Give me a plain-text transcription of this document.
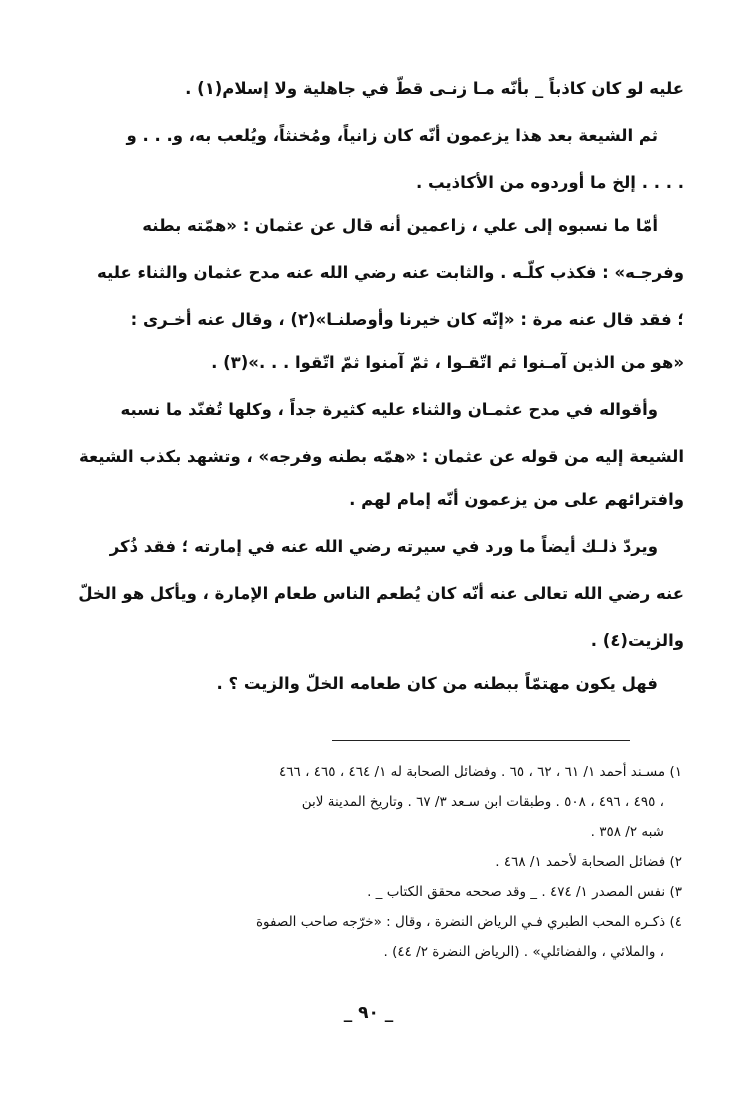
عليه لو كان كاذباً _ بأنّه مـا زنـى قطّ في جاهلية ولا إسلام(١) .
ثم الشيعة بعد هذا يزعمون أنّه كان زانياً، ومُخنثاً، ويُلعب به، و. . . و
. . . . إلخ ما أوردوه من الأكاذيب .
أمّا ما نسبوه إلى علي ، زاعمين أنه قال عن عثمان : «همّته بطنه
وفرجـه» : فكذب كلّـه . والثابت عنه رضي الله عنه مدح عثمان والثناء عليه
؛ فقد قال عنه مرة : «إنّه كان خيرنا وأوصلنـا»(٢) ، وقال عنه أخـرى :
«هو من الذين آمـنوا ثم اتّقـوا ، ثمّ آمنوا ثمّ اتّقوا . . .»(٣) .
وأقواله في مدح عثمـان والثناء عليه كثيرة جداً ، وكلها تُفنّد ما نسبه
الشيعة إليه من قوله عن عثمان : «همّه بطنه وفرجه» ، وتشهد بكذب الشيعة
وافترائهم على من يزعمون أنّه إمام لهم .
ويردّ ذلـك أيضاً ما ورد في سيرته رضي الله عنه في إمارته ؛ فقد ذُكر
عنه رضي الله تعالى عنه أنّه كان يُطعم الناس طعام الإمارة ، ويأكل هو الخلّ
والزيت(٤) .
فهل يكون مهتمّاً ببطنه من كان طعامه الخلّ والزيت ؟ .
١) مسـند أحمد ١/ ٦١ ، ٦٢ ، ٦٥ . وفضائل الصحابة له ١/ ٤٦٤ ، ٤٦٥ ، ٤٦٦
، ٤٩٥ ، ٤٩٦ ، ٥٠٨ . وطبقات ابن سـعد ٣/ ٦٧ . وتاريخ المدينة لابن
شبه ٢/ ٣٥٨ .
٢) فضائل الصحابة لأحمد ١/ ٤٦٨ .
٣) نفس المصدر ١/ ٤٧٤ . _ وقد صححه محقق الكتاب _ .
٤) ذكـره المحب الطبري فـي الرياض النضرة ، وقال : «خرّجه صاحب الصفوة
، والملائي ، والفضائلي» . (الرياض النضرة ٢/ ٤٤) .
_ ٩٠ _
